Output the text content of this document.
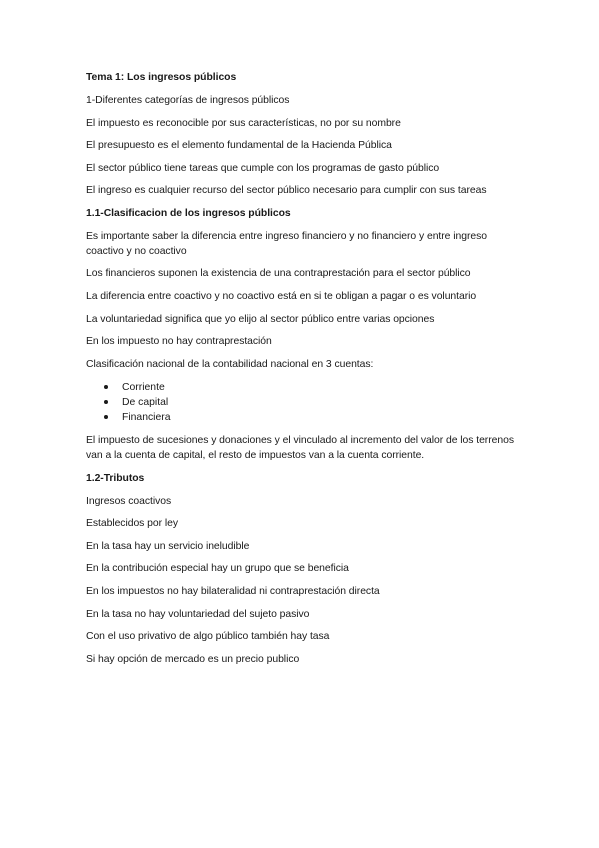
Tema 1: Los ingresos públicos
1-Diferentes categorías de ingresos públicos
El impuesto es reconocible por sus características, no por su nombre
El presupuesto es el elemento fundamental de la Hacienda Pública
El sector público tiene tareas que cumple con los programas de gasto público
El ingreso es cualquier recurso del sector público necesario para cumplir con sus tareas
1.1-Clasificacion de los ingresos públicos
Es importante saber la diferencia entre ingreso financiero y no financiero y entre ingreso coactivo y no coactivo
Los financieros suponen la existencia de una contraprestación para el sector público
La diferencia entre coactivo y no coactivo está en si te obligan a pagar o es voluntario
La voluntariedad significa que yo elijo al sector público entre varias opciones
En los impuesto no hay contraprestación
Clasificación nacional de la contabilidad nacional en 3 cuentas:
Corriente
De capital
Financiera
El impuesto de sucesiones y donaciones y el vinculado al incremento del valor de los terrenos van a la cuenta de capital, el resto de impuestos van a la cuenta corriente.
1.2-Tributos
Ingresos coactivos
Establecidos por ley
En la tasa hay un servicio ineludible
En la contribución especial hay un grupo que se beneficia
En los impuestos no hay bilateralidad ni contraprestación directa
En la tasa no hay voluntariedad del sujeto pasivo
Con el uso privativo de algo público también hay tasa
Si hay opción de mercado es un precio publico
